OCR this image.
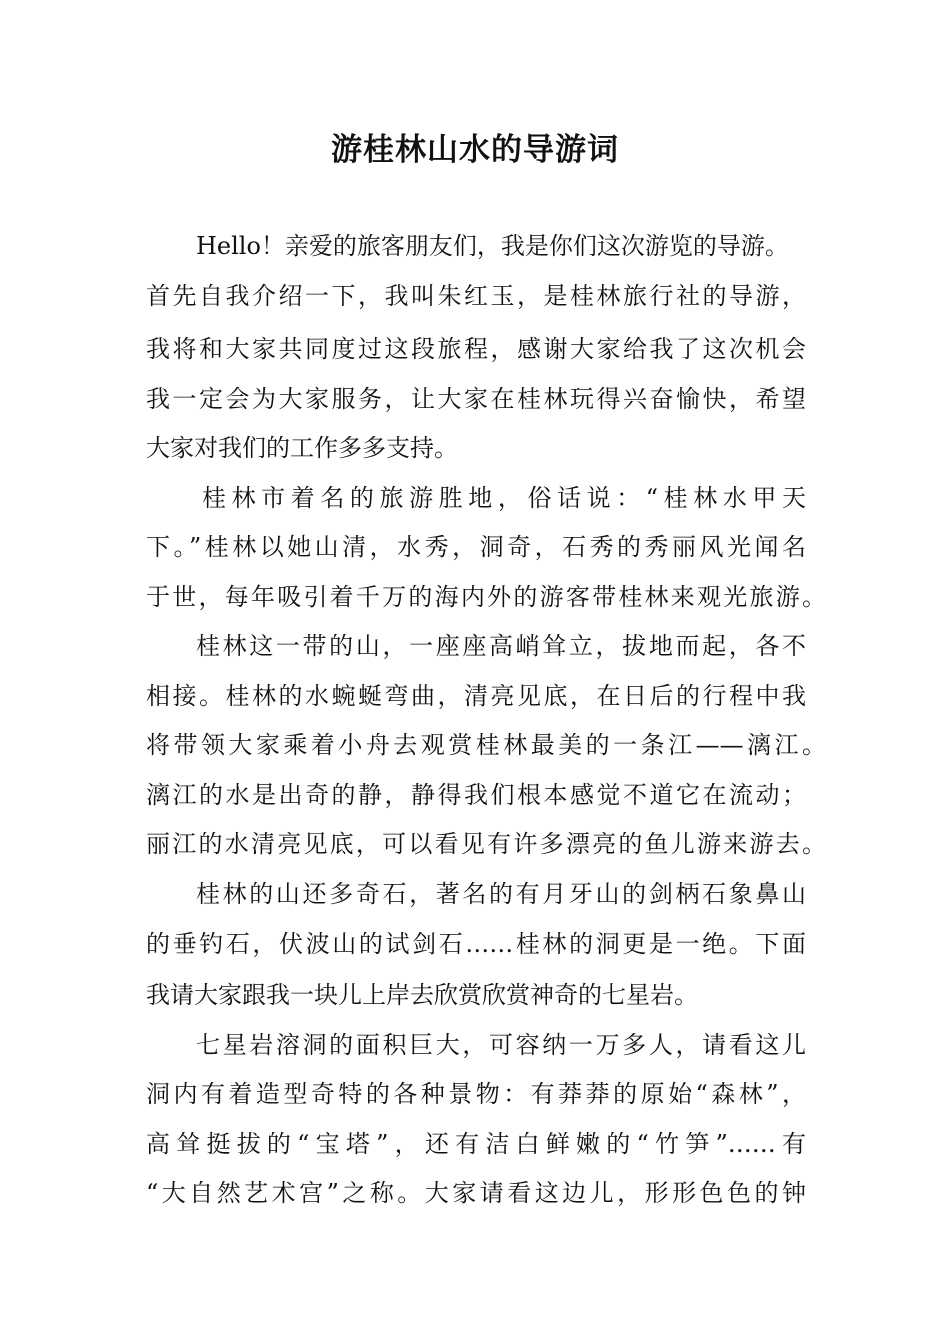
游桂林山水的导游词
Hello！亲爱的旅客朋友们，我是你们这次游览的导游。
首先自我介绍一下，我叫朱红玉，是桂林旅行社的导游，
我将和大家共同度过这段旅程，感谢大家给我了这次机会
我一定会为大家服务，让大家在桂林玩得兴奋愉快，希望
大家对我们的工作多多支持。
桂林市着名的旅游胜地，俗话说：“桂林水甲天
下。”桂林以她山清，水秀，洞奇，石秀的秀丽风光闻名
于世，每年吸引着千万的海内外的游客带桂林来观光旅游。
桂林这一带的山，一座座高峭耸立，拔地而起，各不
相接。桂林的水蜿蜒弯曲，清亮见底，在日后的行程中我
将带领大家乘着小舟去观赏桂林最美的一条江——漓江。
漓江的水是出奇的静，静得我们根本感觉不道它在流动；
丽江的水清亮见底，可以看见有许多漂亮的鱼儿游来游去。
桂林的山还多奇石，著名的有月牙山的剑柄石象鼻山
的垂钓石，伏波山的试剑石……桂林的洞更是一绝。下面
我请大家跟我一块儿上岸去欣赏欣赏神奇的七星岩。
七星岩溶洞的面积巨大，可容纳一万多人，请看这儿
洞内有着造型奇特的各种景物：有莽莽的原始“森林”，
高耸挺拔的“宝塔”，还有洁白鲜嫩的“竹笋”……有
“大自然艺术宫”之称。大家请看这边儿，形形色色的钟
